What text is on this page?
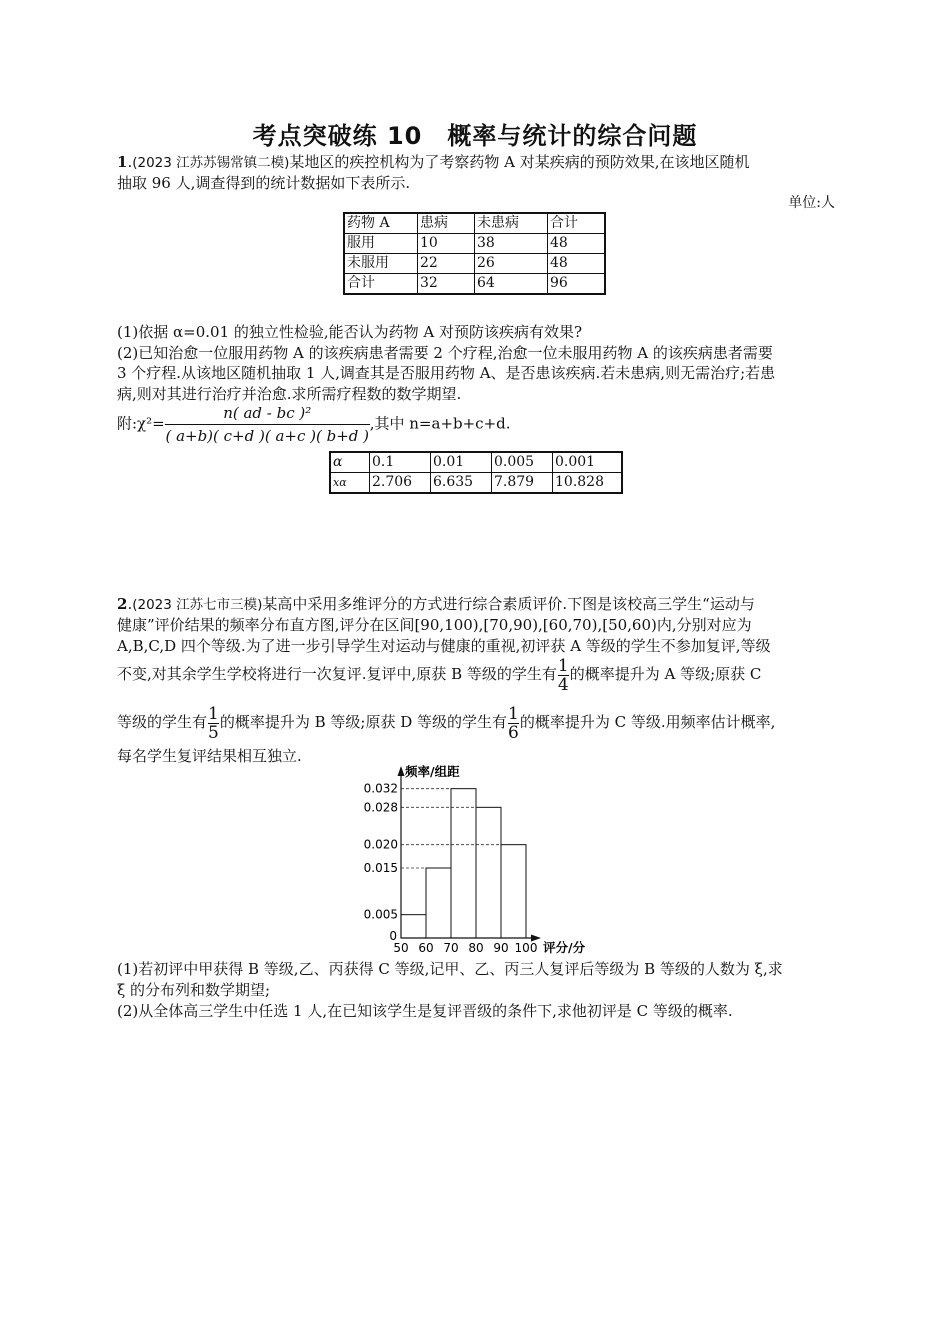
考点突破练 10　概率与统计的综合问题
1.(2023 江苏苏锡常镇二模)某地区的疾控机构为了考察药物 A 对某疾病的预防效果,在该地区随机
抽取 96 人,调查得到的统计数据如下表所示.
单位:人
药物 A	患病	未患病	合计
服用	10	38	48
未服用	22	26	48
合计	32	64	96
(1)依据 α=0.01 的独立性检验,能否认为药物 A 对预防该疾病有效果?
(2)已知治愈一位服用药物 A 的该疾病患者需要 2 个疗程,治愈一位未服用药物 A 的该疾病患者需要
3 个疗程.从该地区随机抽取 1 人,调查其是否服用药物 A、是否患该疾病.若未患病,则无需治疗;若患
病,则对其进行治疗并治愈.求所需疗程数的数学期望.
附:χ²= $\frac{\text{n( ad - bc )²}}{( a+b)( c+d )( a+c )( b+d )}$ ,其中 n=a+b+c+d.
α	0.1	0.01	0.005	0.001
xα	2.706	6.635	7.879	10.828
2.(2023 江苏七市三模)某高中采用多维评分的方式进行综合素质评价.下图是该校高三学生“运动与
健康”评价结果的频率分布直方图,评分在区间[90,100),[70,90),[60,70),[50,60)内,分别对应为
A,B,C,D 四个等级.为了进一步引导学生对运动与健康的重视,初评获 A 等级的学生不参加复评,等级
不变,对其余学生学校将进行一次复评.复评中,原获 B 等级的学生有 $\frac{1}{4}$ 的概率提升为 A 等级;原获 C
等级的学生有 $\frac{1}{5}$ 的概率提升为 B 等级;原获 D 等级的学生有 $\frac{1}{6}$ 的概率提升为 C 等级.用频率估计概率,
每名学生复评结果相互独立.
0.005
0.015
0.020
0.028
0.032
0
50 60 70 80 90 100
频率/组距
评分/分
(1)若初评中甲获得 B 等级,乙、丙获得 C 等级,记甲、乙、丙三人复评后等级为 B 等级的人数为 ξ,求
ξ 的分布列和数学期望;
(2)从全体高三学生中任选 1 人,在已知该学生是复评晋级的条件下,求他初评是 C 等级的概率.
